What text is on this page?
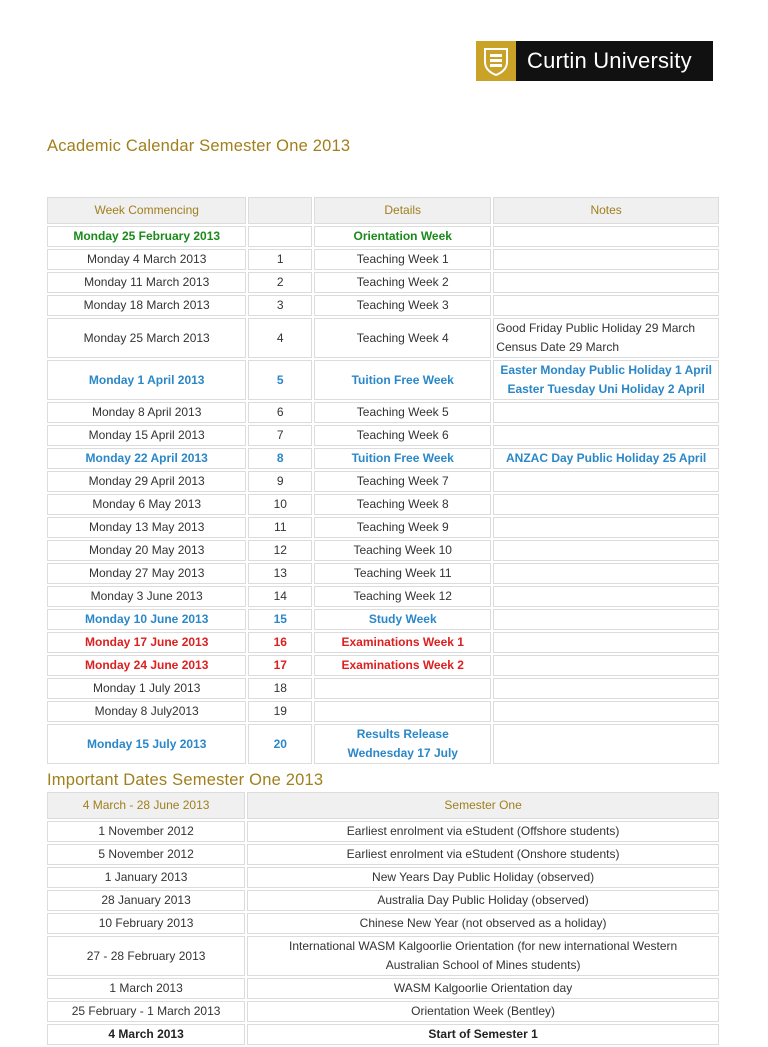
Curtin University
Academic Calendar Semester One 2013
Week Commencing		Details	Notes
Monday 25 February 2013		Orientation Week	
Monday 4 March 2013	1	Teaching Week 1	
Monday 11 March 2013	2	Teaching Week 2	
Monday 18 March 2013	3	Teaching Week 3	
Monday 25 March 2013	4	Teaching Week 4	Good Friday Public Holiday 29 March
Census Date 29 March
Monday 1 April 2013	5	Tuition Free Week	Easter Monday Public Holiday 1 April
Easter Tuesday Uni Holiday 2 April
Monday 8 April 2013	6	Teaching Week 5	
Monday 15 April 2013	7	Teaching Week 6	
Monday 22 April 2013	8	Tuition Free Week	ANZAC Day Public Holiday 25 April
Monday 29 April 2013	9	Teaching Week 7	
Monday 6 May 2013	10	Teaching Week 8	
Monday 13 May 2013	11	Teaching Week 9	
Monday 20 May 2013	12	Teaching Week 10	
Monday 27 May 2013	13	Teaching Week 11	
Monday 3 June 2013	14	Teaching Week 12	
Monday 10 June 2013	15	Study Week	
Monday 17 June 2013	16	Examinations Week 1	
Monday 24 June 2013	17	Examinations Week 2	
Monday 1 July 2013	18		
Monday 8 July2013	19		
Monday 15 July 2013	20	Results Release
Wednesday 17 July	
Important Dates Semester One 2013
4 March - 28 June 2013	Semester One
1 November 2012	Earliest enrolment via eStudent (Offshore students)
5 November 2012	Earliest enrolment via eStudent (Onshore students)
1 January 2013	New Years Day Public Holiday (observed)
28 January 2013	Australia Day Public Holiday (observed)
10 February 2013	Chinese New Year (not observed as a holiday)
27 - 28 February 2013	International WASM Kalgoorlie Orientation (for new international Western
Australian School of Mines students)
1 March 2013	WASM Kalgoorlie Orientation day
25 February - 1 March 2013	Orientation Week (Bentley)
4 March 2013	Start of Semester 1
